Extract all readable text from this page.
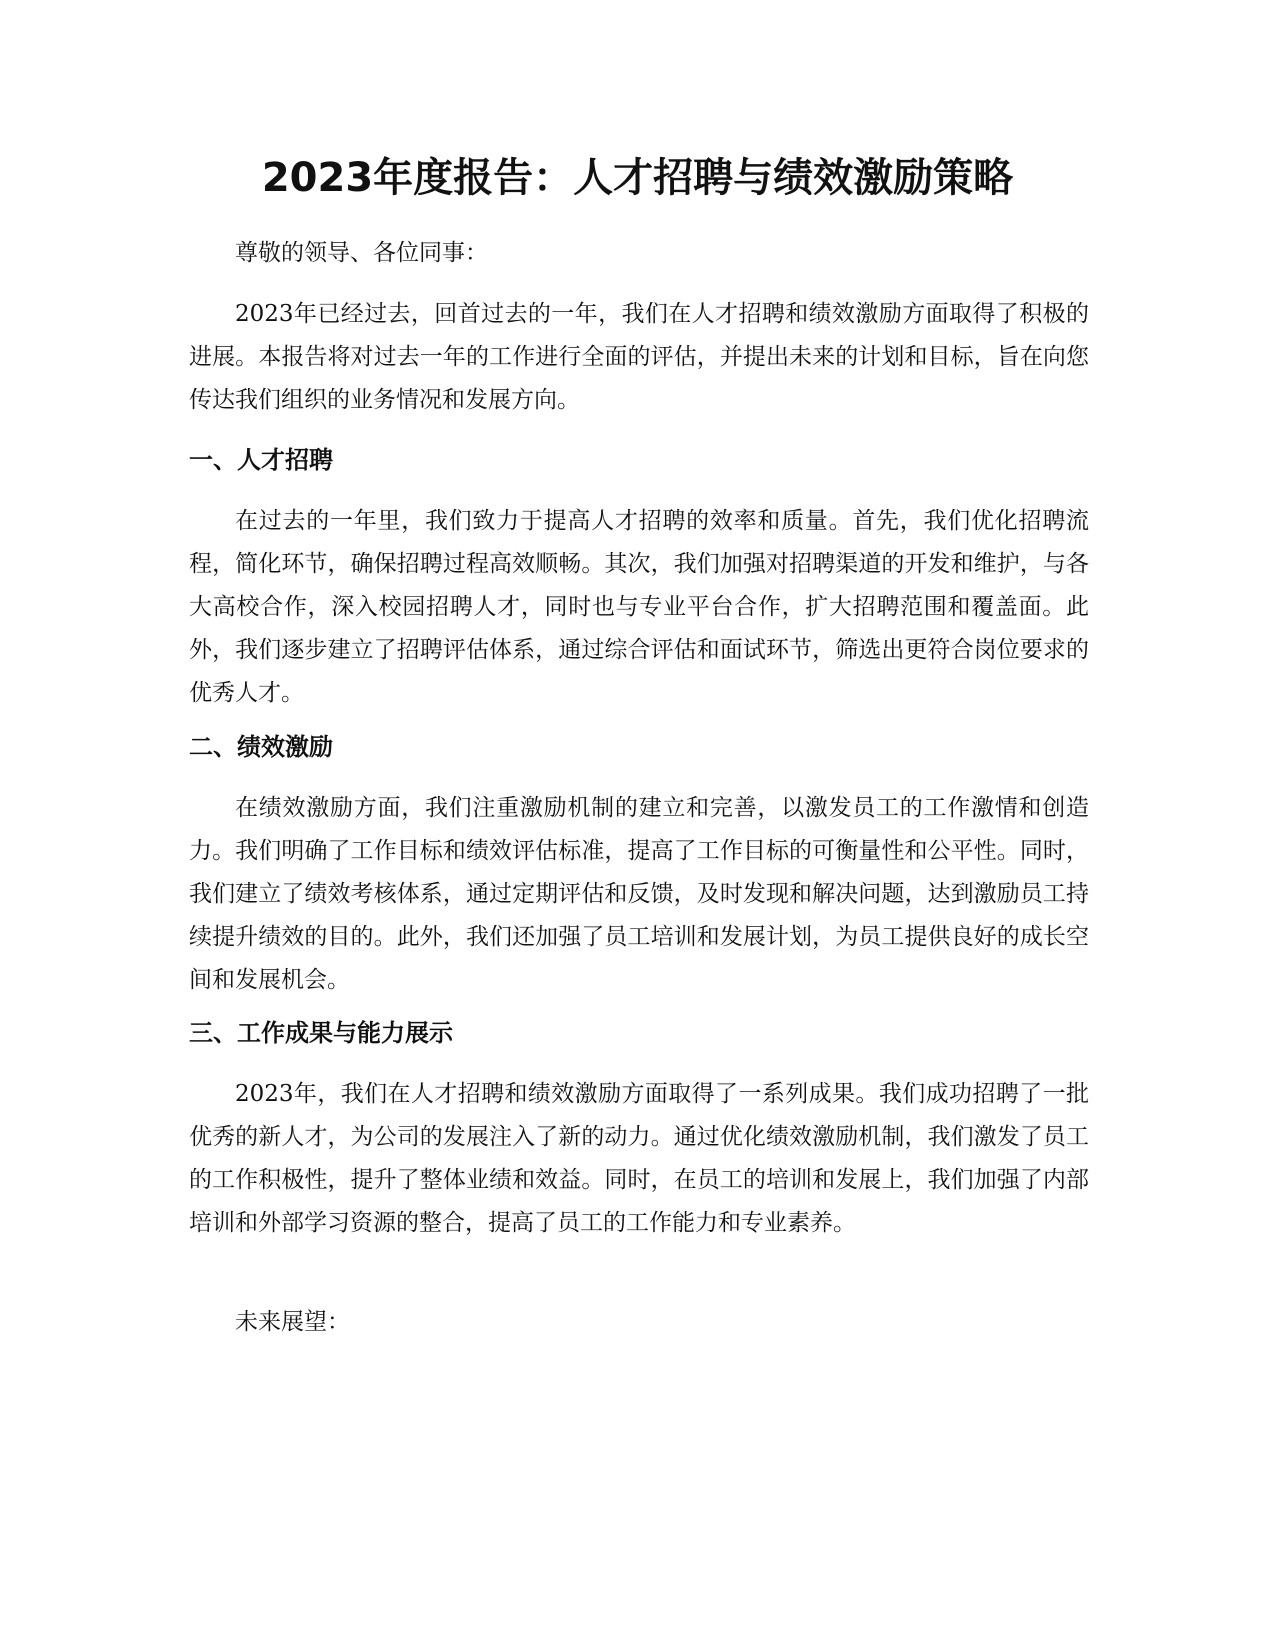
2023年度报告：人才招聘与绩效激励策略

尊敬的领导、各位同事：

2023年已经过去，回首过去的一年，我们在人才招聘和绩效激励方面取得了积极的进展。本报告将对过去一年的工作进行全面的评估，并提出未来的计划和目标，旨在向您传达我们组织的业务情况和发展方向。

一、人才招聘

在过去的一年里，我们致力于提高人才招聘的效率和质量。首先，我们优化招聘流程，简化环节，确保招聘过程高效顺畅。其次，我们加强对招聘渠道的开发和维护，与各大高校合作，深入校园招聘人才，同时也与专业平台合作，扩大招聘范围和覆盖面。此外，我们逐步建立了招聘评估体系，通过综合评估和面试环节，筛选出更符合岗位要求的优秀人才。

二、绩效激励

在绩效激励方面，我们注重激励机制的建立和完善，以激发员工的工作激情和创造力。我们明确了工作目标和绩效评估标准，提高了工作目标的可衡量性和公平性。同时，我们建立了绩效考核体系，通过定期评估和反馈，及时发现和解决问题，达到激励员工持续提升绩效的目的。此外，我们还加强了员工培训和发展计划，为员工提供良好的成长空间和发展机会。

三、工作成果与能力展示

2023年，我们在人才招聘和绩效激励方面取得了一系列成果。我们成功招聘了一批优秀的新人才，为公司的发展注入了新的动力。通过优化绩效激励机制，我们激发了员工的工作积极性，提升了整体业绩和效益。同时，在员工的培训和发展上，我们加强了内部培训和外部学习资源的整合，提高了员工的工作能力和专业素养。

未来展望：
